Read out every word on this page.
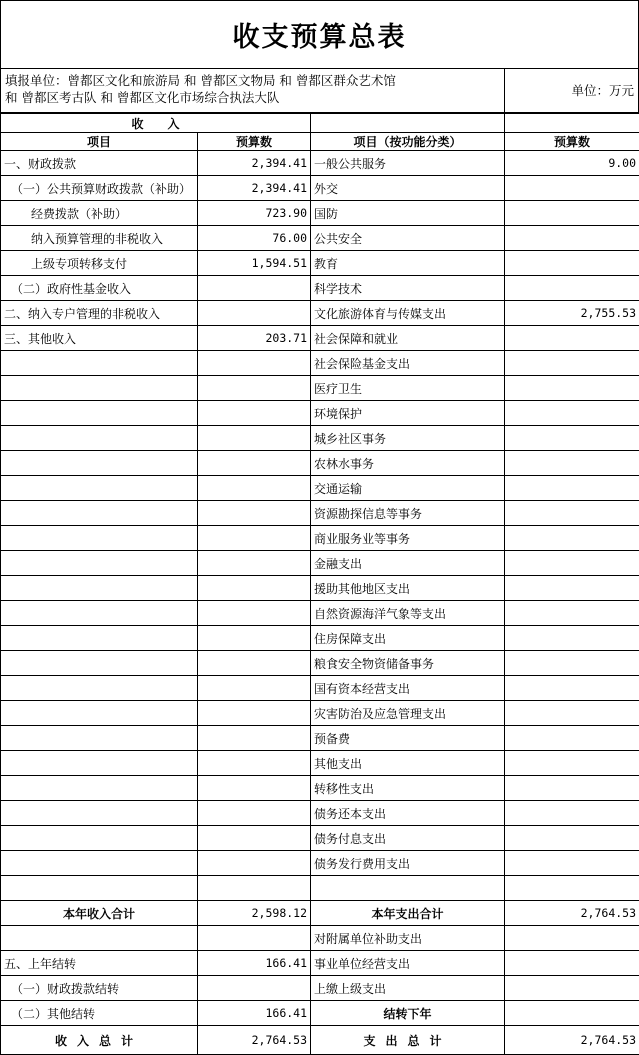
收支预算总表
填报单位：曾都区文化和旅游局 和 曾都区文物局 和 曾都区群众艺术馆
和 曾都区考古队 和 曾都区文化市场综合执法大队	单位：万元
收　　入			
项目	预算数	项目（按功能分类）	预算数
一、财政拨款	2,394.41	一般公共服务	9.00
（一）公共预算财政拨款（补助）	2,394.41	外交	
经费拨款（补助）	723.90	国防	
纳入预算管理的非税收入	76.00	公共安全	
上级专项转移支付	1,594.51	教育	
（二）政府性基金收入		科学技术	
二、纳入专户管理的非税收入		文化旅游体育与传媒支出	2,755.53
三、其他收入	203.71	社会保障和就业	
		社会保险基金支出	
		医疗卫生	
		环境保护	
		城乡社区事务	
		农林水事务	
		交通运输	
		资源勘探信息等事务	
		商业服务业等事务	
		金融支出	
		援助其他地区支出	
		自然资源海洋气象等支出	
		住房保障支出	
		粮食安全物资储备事务	
		国有资本经营支出	
		灾害防治及应急管理支出	
		预备费	
		其他支出	
		转移性支出	
		债务还本支出	
		债务付息支出	
		债务发行费用支出	

本年收入合计	2,598.12	本年支出合计	2,764.53
		对附属单位补助支出	
五、上年结转	166.41	事业单位经营支出	
（一）财政拨款结转		上缴上级支出	
（二）其他结转	166.41	结转下年	
收入总计	2,764.53	支出总计	2,764.53
